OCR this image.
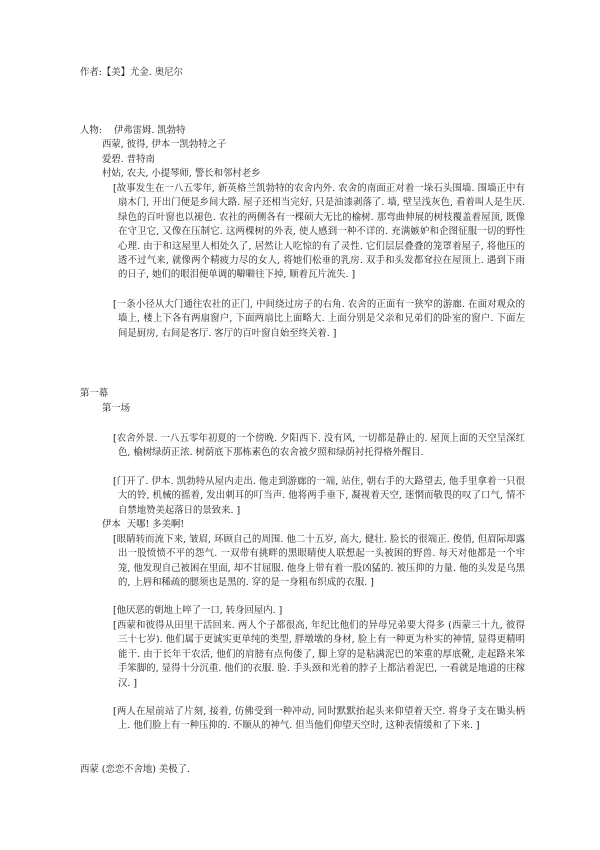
作者:【美】尤金. 奥尼尔

人物: 伊弗雷姆. 凯勃特

西蒙, 彼得, 伊本一凯勃特之子

爱碧. 普特南

村姑, 农夫, 小提琴师, 警长和邻村老乡

[故事发生在一八五零年, 新英格兰凯勃特的农舍内外. 农舍的南面正对着一垛石头围墙. 围墙正中有扇木门, 开出门便是乡间大路. 屋子还相当完好, 只是油漆剥落了. 墙, 壁呈浅灰色, 看着叫人是生厌. 绿色的百叶窗也以褪色. 农社的两侧各有一棵硕大无比的榆树. 那弯曲伸展的树枝覆盖着屋顶, 既像在守卫它, 又像在压制它. 这两棵树的外表, 使人感到一种不详的. 充满嫉妒和企图征服一切的野性心理. 由于和这屋里人相处久了, 居然让人吃惊的有了灵性. 它们层层叠叠的笼罩着屋子, 将他压的透不过气来, 就像两个精疲力尽的女人, 将她们松垂的乳房. 双手和头发都耷拉在屋顶上. 遇到下雨的日子, 她们的眼泪便单调的噼噼往下掉, 顺着瓦片流失. ]

[一条小径从大门通往农社的正门, 中间绕过房子的右角. 农舍的正面有一狭窄的游廊. 在面对观众的墙上, 楼上下各有两扇窗户, 下面两扇比上面略大. 上面分别是父亲和兄弟们的卧室的窗户. 下面左间是厨房, 右间是客厅. 客厅的百叶窗自始至终关着. ]

第一幕

第一场

[农舍外景. 一八五零年初夏的一个傍晚. 夕阳西下. 没有风, 一切都是静止的. 屋顶上面的天空呈深红色, 榆树绿荫正浓. 树荫底下那栋素色的农舍被夕照和绿荫衬托得格外醒目.

[门开了. 伊本. 凯勃特从屋内走出. 他走到游廊的一端, 站住, 朝右手的大路望去, 他手里拿着一只很大的铃, 机械的摇着, 发出刺耳的叮当声. 他将两手垂下, 凝视着天空, 迷惘而敬畏的叹了口气, 情不自禁地赞美起落日的景致来. ]

伊本 天哪! 多美啊!

[眼睛转而流下来, 皱眉, 环顾自己的周围. 他二十五岁, 高大, 健壮. 脸长的很端正. 俊俏, 但眉际却露出一股愤愤不平的怨气. 一双带有挑畔的黑眼睛使人联想起一头被困的野兽. 每天对他都是一个牢笼, 他发现自己被困在里面, 却不甘屈服. 他身上带有着一股凶猛的. 被压抑的力量. 他的头发是乌黑的, 上唇和稀疏的腮须也是黑的. 穿的是一身粗布织成的衣服. ]

[他厌恶的朝地上啐了一口, 转身回屋内. ]

[西蒙和彼得从田里干活回来. 两人个子都很高, 年纪比他们的异母兄弟要大得多 (西蒙三十九, 彼得三十七岁). 他们属于更诚实更单纯的类型, 胖墩墩的身材, 脸上有一种更为朴实的神情, 显得更精明能干. 由于长年干农活, 他们的肩膀有点佝偻了, 脚上穿的是粘满泥巴的笨重的厚底靴, 走起路来笨手笨脚的, 显得十分沉重. 他们的衣服. 脸. 手头颈和光着的脖子上都沾着泥巴, 一看就是地道的庄稼汉. ]

[两人在屋前站了片刻, 接着, 仿佛受到一种冲动, 同时默默抬起头来仰望着天空. 将身子支在锄头柄上. 他们脸上有一种压抑的. 不顺从的神气. 但当他们仰望天空时, 这种表情缓和了下来. ]

西蒙 (恋恋不舍地) 美极了.
